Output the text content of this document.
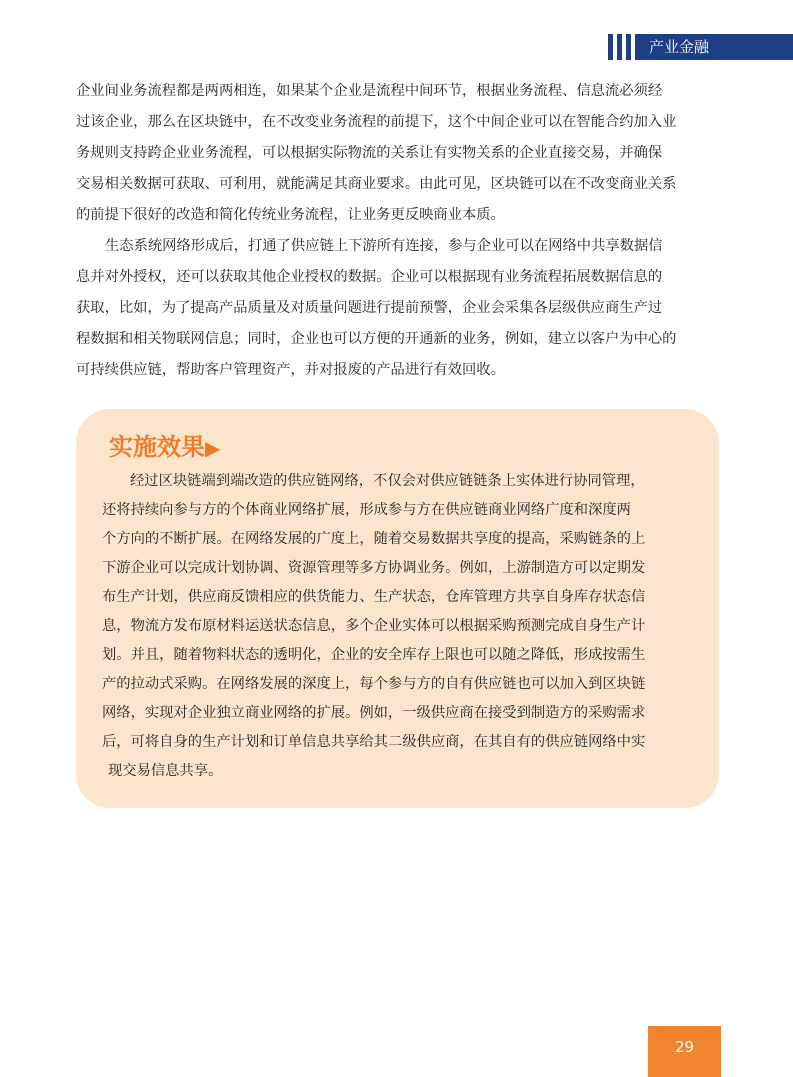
产业金融
企业间业务流程都是两两相连，如果某个企业是流程中间环节，根据业务流程、信息流必须经
过该企业，那么在区块链中，在不改变业务流程的前提下，这个中间企业可以在智能合约加入业
务规则支持跨企业业务流程，可以根据实际物流的关系让有实物关系的企业直接交易，并确保
交易相关数据可获取、可利用，就能满足其商业要求。由此可见，区块链可以在不改变商业关系
的前提下很好的改造和简化传统业务流程，让业务更反映商业本质。
生态系统网络形成后，打通了供应链上下游所有连接，参与企业可以在网络中共享数据信
息并对外授权，还可以获取其他企业授权的数据。企业可以根据现有业务流程拓展数据信息的
获取，比如，为了提高产品质量及对质量问题进行提前预警，企业会采集各层级供应商生产过
程数据和相关物联网信息；同时，企业也可以方便的开通新的业务，例如，建立以客户为中心的
可持续供应链，帮助客户管理资产，并对报废的产品进行有效回收。
实施效果▶
经过区块链端到端改造的供应链网络，不仅会对供应链链条上实体进行协同管理，
还将持续向参与方的个体商业网络扩展，形成参与方在供应链商业网络广度和深度两
个方向的不断扩展。在网络发展的广度上，随着交易数据共享度的提高，采购链条的上
下游企业可以完成计划协调、资源管理等多方协调业务。例如，上游制造方可以定期发
布生产计划，供应商反馈相应的供货能力、生产状态，仓库管理方共享自身库存状态信
息，物流方发布原材料运送状态信息，多个企业实体可以根据采购预测完成自身生产计
划。并且，随着物料状态的透明化，企业的安全库存上限也可以随之降低，形成按需生
产的拉动式采购。在网络发展的深度上，每个参与方的自有供应链也可以加入到区块链
网络，实现对企业独立商业网络的扩展。例如，一级供应商在接受到制造方的采购需求
后，可将自身的生产计划和订单信息共享给其二级供应商，在其自有的供应链网络中实
现交易信息共享。
29
